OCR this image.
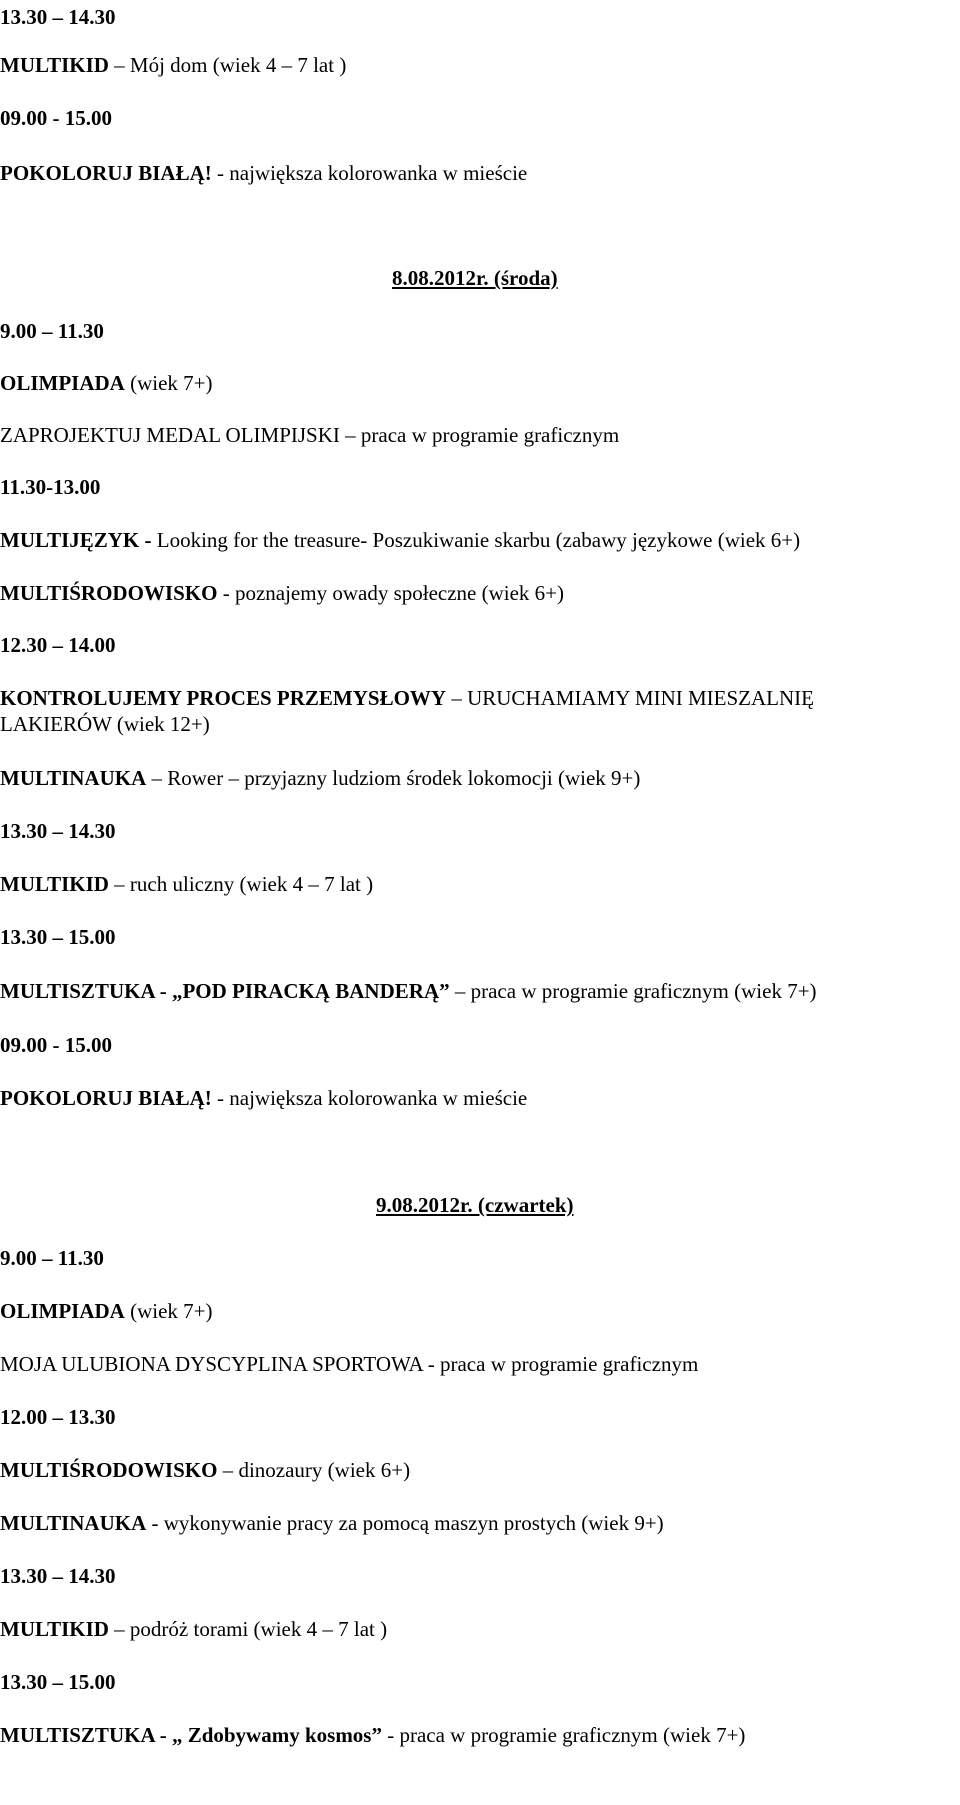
13.30 – 14.30
MULTIKID – Mój dom (wiek 4 – 7 lat )
09.00 - 15.00
POKOLORUJ BIAŁĄ! - największa kolorowanka w mieście
8.08.2012r. (środa)
9.00 – 11.30
OLIMPIADA (wiek 7+)
ZAPROJEKTUJ MEDAL OLIMPIJSKI – praca w programie graficznym
11.30-13.00
MULTIJĘZYK - Looking for the treasure- Poszukiwanie skarbu (zabawy językowe (wiek 6+)
MULTIŚRODOWISKO - poznajemy owady społeczne (wiek 6+)
12.30 – 14.00
KONTROLUJEMY PROCES PRZEMYSŁOWY – URUCHAMIAMY MINI MIESZALNIĘ LAKIERÓW (wiek 12+)
MULTINAUKA – Rower – przyjazny ludziom środek lokomocji (wiek 9+)
13.30 – 14.30
MULTIKID – ruch uliczny (wiek 4 – 7 lat )
13.30 – 15.00
MULTISZTUKA - „POD PIRACKĄ BANDERĄ” – praca w programie graficznym (wiek 7+)
09.00 - 15.00
POKOLORUJ BIAŁĄ! - największa kolorowanka w mieście
9.08.2012r. (czwartek)
9.00 – 11.30
OLIMPIADA (wiek 7+)
MOJA ULUBIONA DYSCYPLINA SPORTOWA - praca w programie graficznym
12.00 – 13.30
MULTIŚRODOWISKO – dinozaury (wiek 6+)
MULTINAUKA - wykonywanie pracy za pomocą maszyn prostych (wiek 9+)
13.30 – 14.30
MULTIKID – podróż torami (wiek 4 – 7 lat )
13.30 – 15.00
MULTISZTUKA - „ Zdobywamy kosmos” - praca w programie graficznym (wiek 7+)
